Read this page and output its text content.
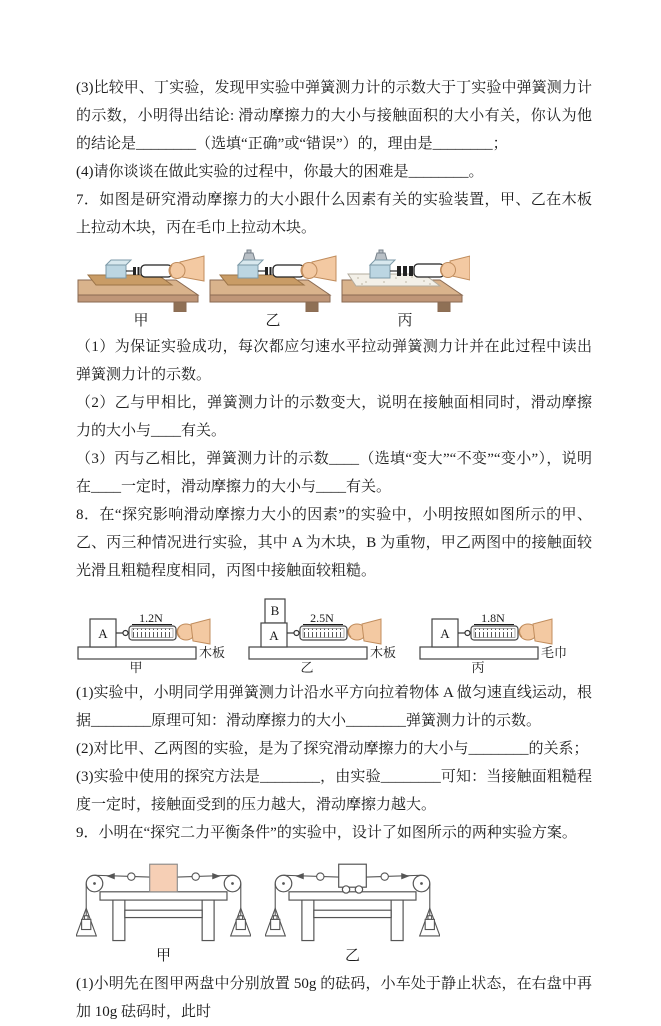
(3)比较甲、丁实验，发现甲实验中弹簧测力计的示数大于丁实验中弹簧测力计的示数，小明得出结论: 滑动摩擦力的大小与接触面积的大小有关，你认为他的结论是________（选填“正确”或“错误”）的，理由是________；

(4)请你谈谈在做此实验的过程中，你最大的困难是________。

7．如图是研究滑动摩擦力的大小跟什么因素有关的实验装置，甲、乙在木板上拉动木块，丙在毛巾上拉动木块。

甲	乙	丙

（1）为保证实验成功，每次都应匀速水平拉动弹簧测力计并在此过程中读出弹簧测力计的示数。

（2）乙与甲相比，弹簧测力计的示数变大，说明在接触面相同时，滑动摩擦力的大小与____有关。

（3）丙与乙相比，弹簧测力计的示数____（选填“变大”“不变”“变小”），说明在____一定时，滑动摩擦力的大小与____有关。

8．在“探究影响滑动摩擦力大小的因素”的实验中，小明按照如图所示的甲、乙、丙三种情况进行实验，其中 A 为木块，B 为重物，甲乙两图中的接触面较光滑且粗糙程度相同，丙图中接触面较粗糙。

木板
A
1.2N
甲
木板
B
A
2.5N
乙
毛巾
A
1.8N
丙

(1)实验中，小明同学用弹簧测力计沿水平方向拉着物体 A 做匀速直线运动，根据________原理可知：滑动摩擦力的大小________弹簧测力计的示数。

(2)对比甲、乙两图的实验，是为了探究滑动摩擦力的大小与________的关系；

(3)实验中使用的探究方法是________，由实验________可知：当接触面粗糙程度一定时，接触面受到的压力越大，滑动摩擦力越大。

9．小明在“探究二力平衡条件”的实验中，设计了如图所示的两种实验方案。

甲	乙

(1)小明先在图甲两盘中分别放置 50g 的砝码，小车处于静止状态，在右盘中再加 10g 砝码时，此时
